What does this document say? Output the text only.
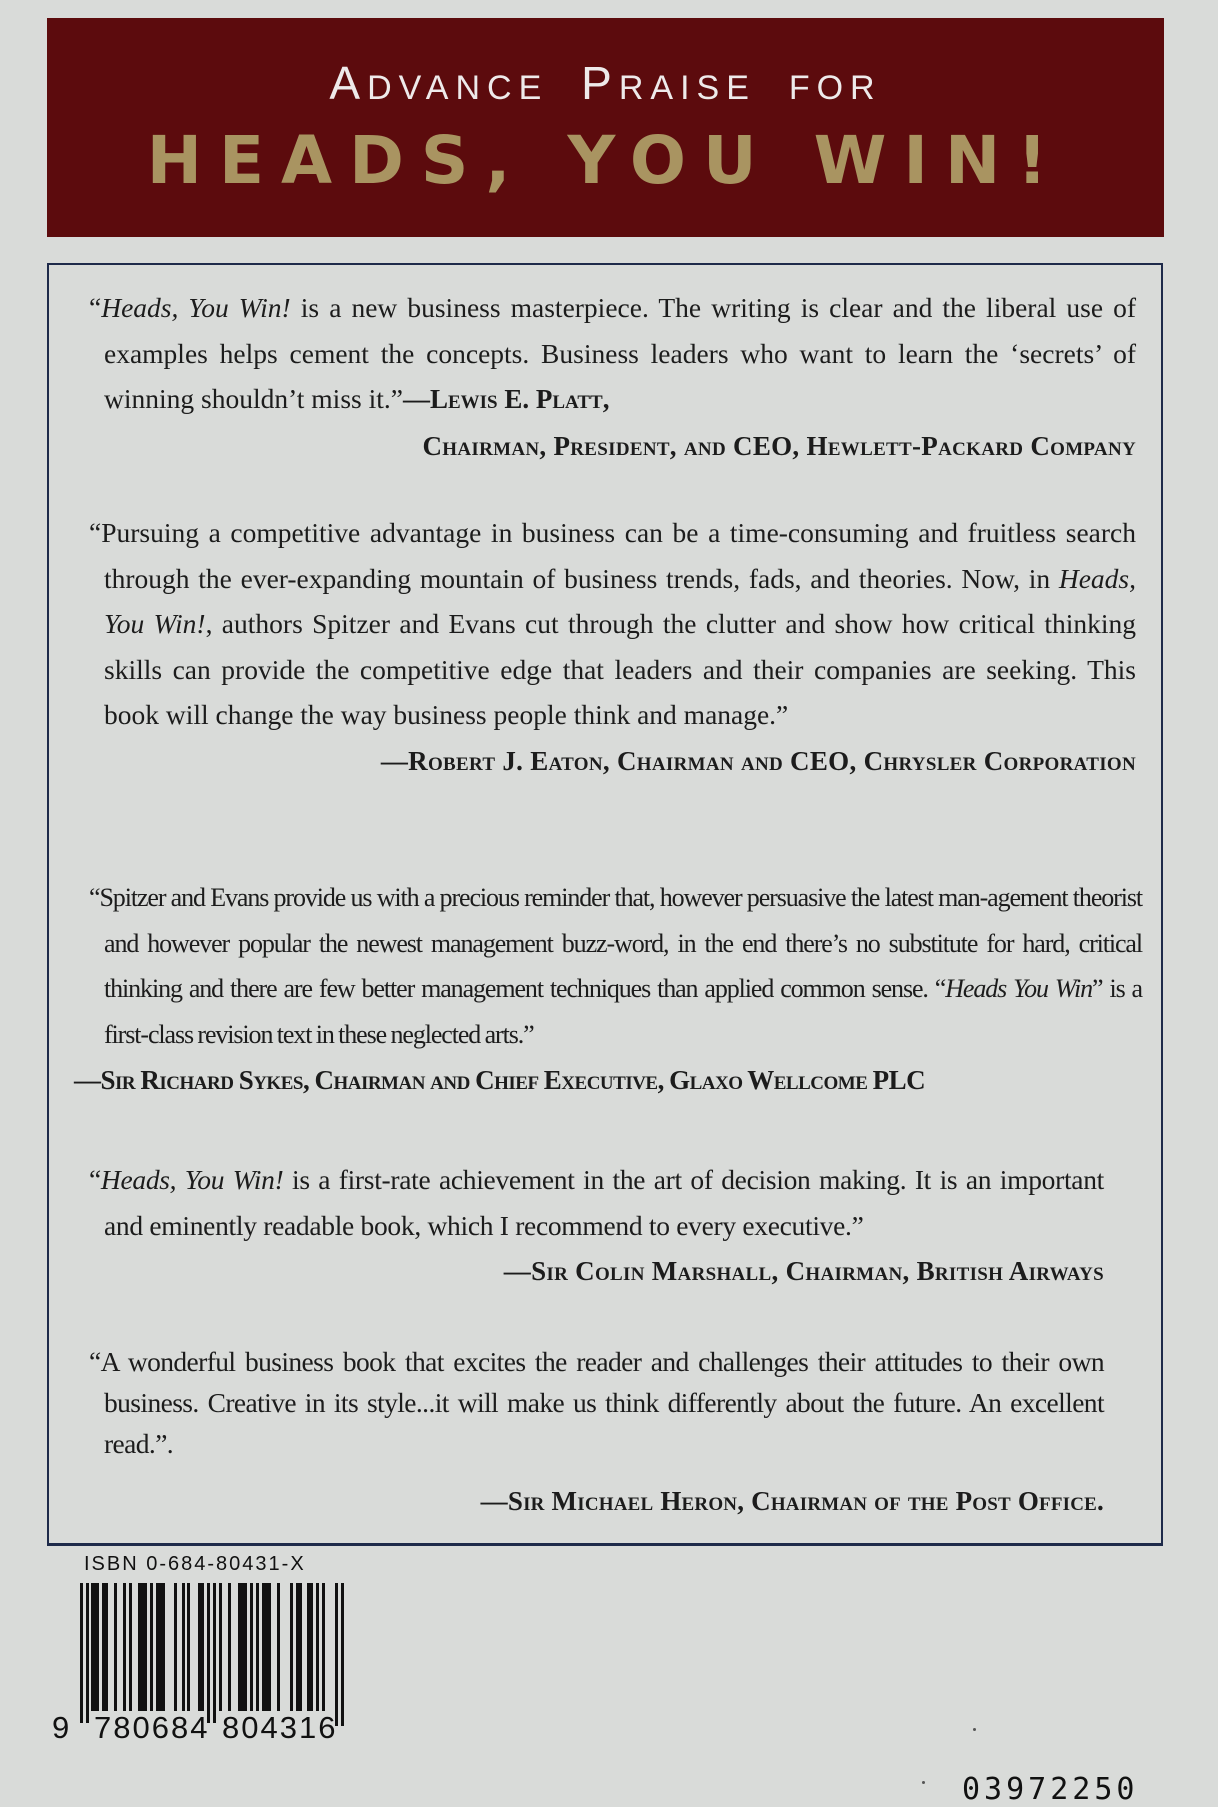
ADVANCE PRAISE FOR
HEADS, YOU WIN!
“Heads, You Win! is a new business masterpiece. The writing is clear and the liberal use of examples helps cement the concepts. Business leaders who want to learn the ‘secrets’ of winning shouldn’t miss it.”—Lewis E. Platt,
Chairman, President, and CEO, Hewlett-Packard Company
“Pursuing a competitive advantage in business can be a time-consuming and fruitless search through the ever-expanding mountain of business trends, fads, and theories. Now, in Heads, You Win!, authors Spitzer and Evans cut through the clutter and show how critical thinking skills can provide the competitive edge that leaders and their companies are seeking. This book will change the way business people think and manage.”
—Robert J. Eaton, Chairman and CEO, Chrysler Corporation
“Spitzer and Evans provide us with a precious reminder that, however persuasive the latest man-agement theorist and however popular the newest management buzz-word, in the end there’s no substitute for hard, critical thinking and there are few better management techniques than applied common sense. “Heads You Win” is a first-class revision text in these neglected arts.”
—Sir Richard Sykes, Chairman and Chief Executive, Glaxo Wellcome PLC
“Heads, You Win! is a first-rate achievement in the art of decision making. It is an important and eminently readable book, which I recommend to every executive.”
—Sir Colin Marshall, Chairman, British Airways
“A wonderful business book that excites the reader and challenges their attitudes to their own business. Creative in its style...it will make us think differently about the future. An excellent read.”.
—Sir Michael Heron, Chairman of the Post Office.
ISBN 0-684-80431-X
9 780684 804316
03972250
